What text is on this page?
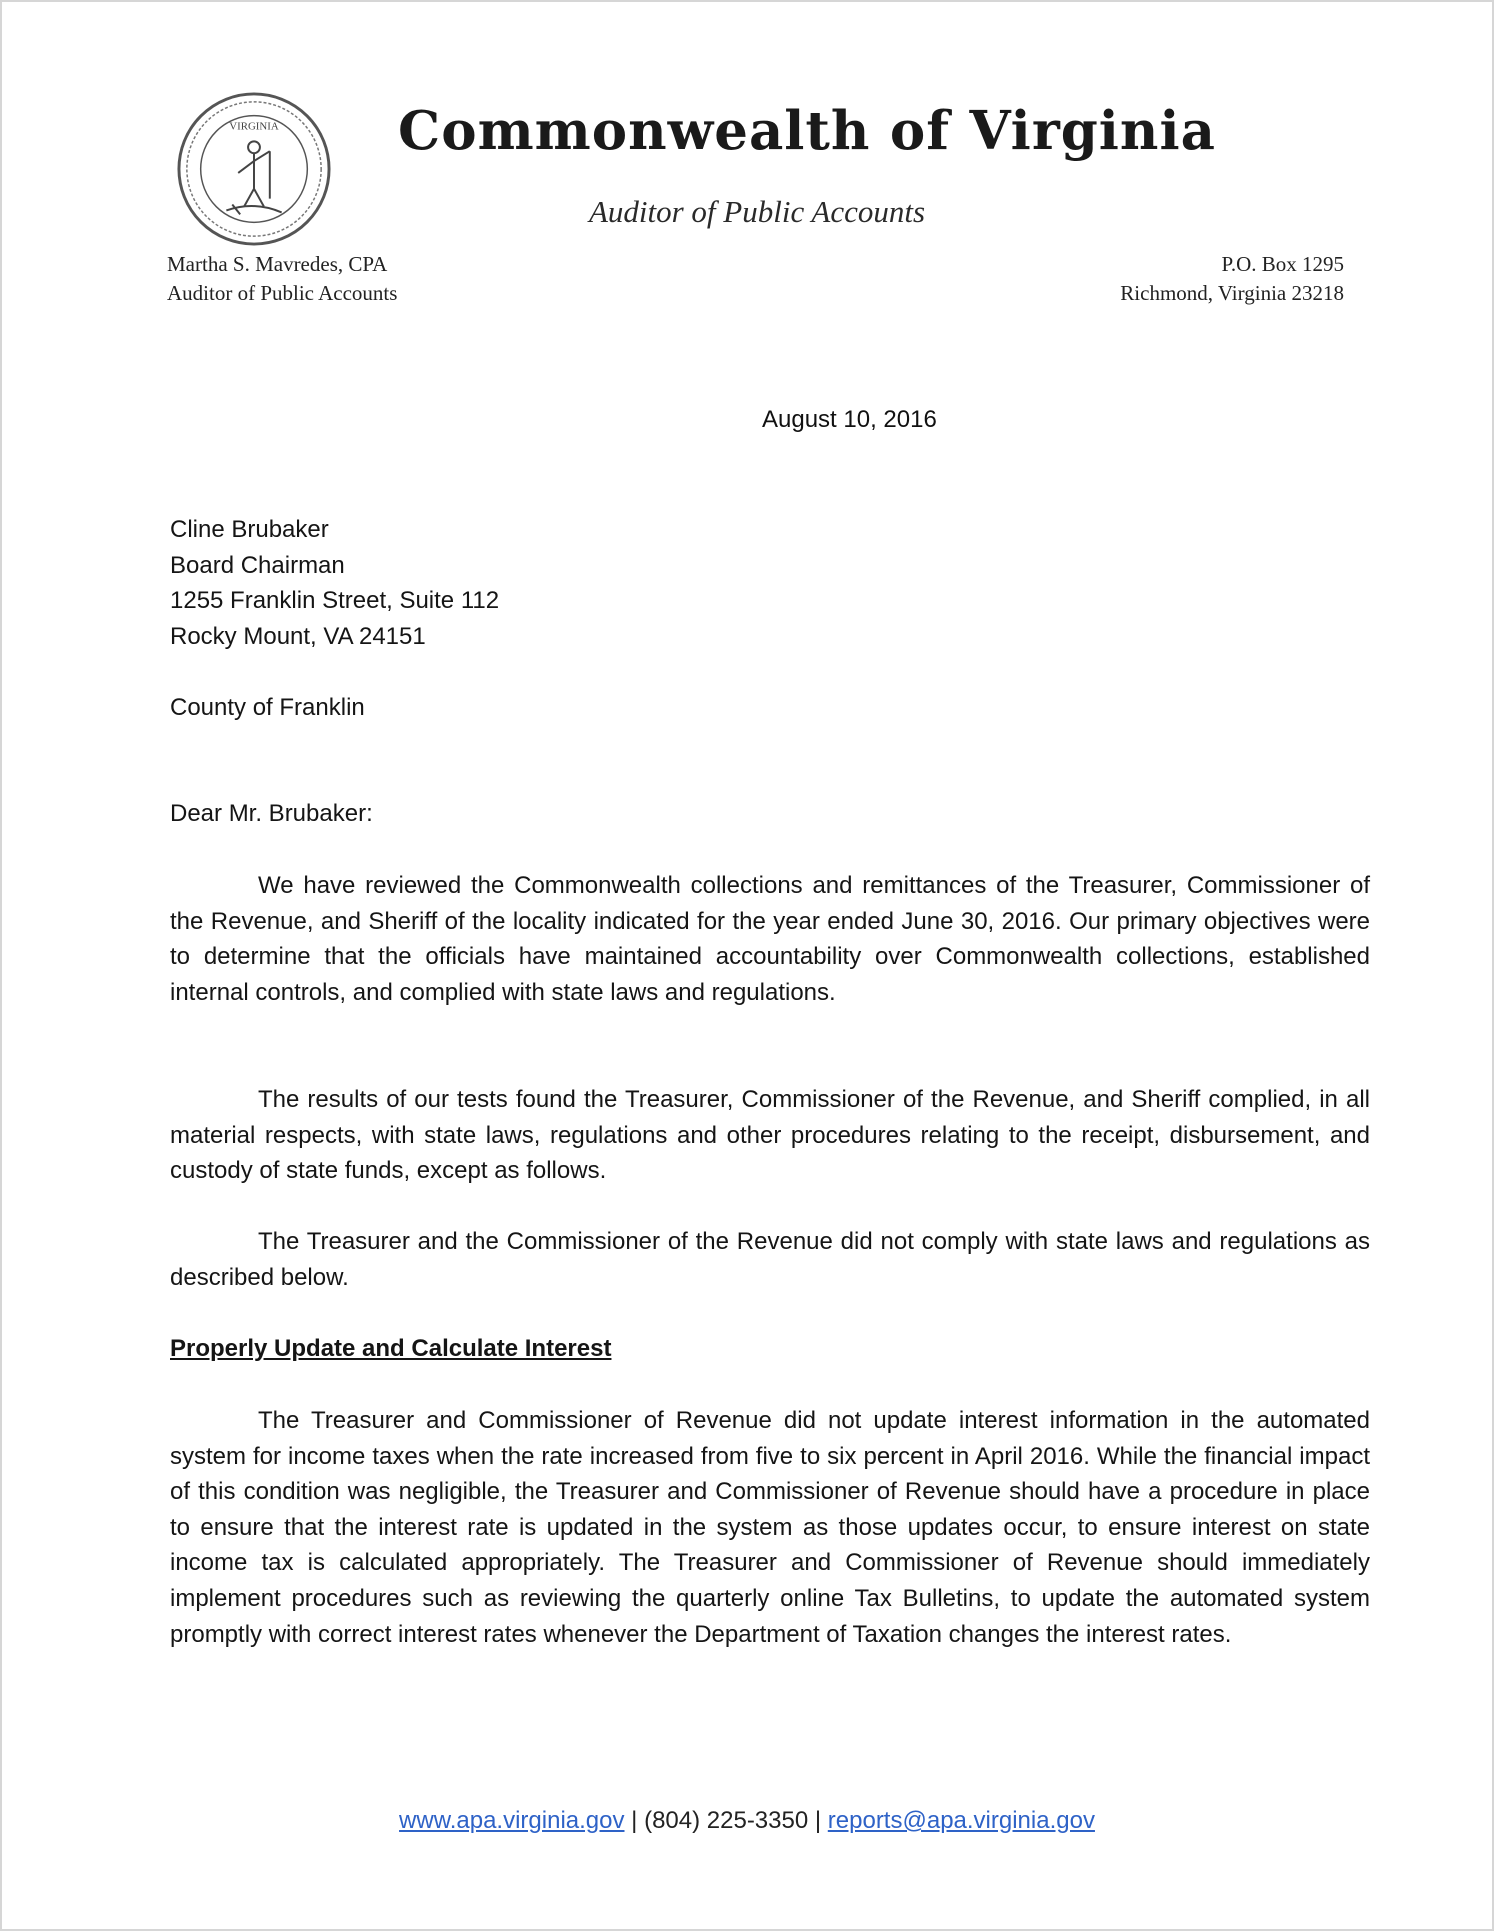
VIRGINIA	Commonwealth of Virginia
Auditor of Public Accounts
Martha S. Mavredes, CPA
Auditor of Public Accounts
P.O. Box 1295
Richmond, Virginia 23218
August 10, 2016
Cline Brubaker
Board Chairman
1255 Franklin Street, Suite 112
Rocky Mount, VA 24151
County of Franklin
Dear Mr. Brubaker:

We have reviewed the Commonwealth collections and remittances of the Treasurer, Commissioner of the Revenue, and Sheriff of the locality indicated for the year ended June 30, 2016. Our primary objectives were to determine that the officials have maintained accountability over Commonwealth collections, established internal controls, and complied with state laws and regulations.

The results of our tests found the Treasurer, Commissioner of the Revenue, and Sheriff complied, in all material respects, with state laws, regulations and other procedures relating to the receipt, disbursement, and custody of state funds, except as follows.

The Treasurer and the Commissioner of the Revenue did not comply with state laws and regulations as described below.

Properly Update and Calculate Interest

The Treasurer and Commissioner of Revenue did not update interest information in the automated system for income taxes when the rate increased from five to six percent in April 2016. While the financial impact of this condition was negligible, the Treasurer and Commissioner of Revenue should have a procedure in place to ensure that the interest rate is updated in the system as those updates occur, to ensure interest on state income tax is calculated appropriately. The Treasurer and Commissioner of Revenue should immediately implement procedures such as reviewing the quarterly online Tax Bulletins, to update the automated system promptly with correct interest rates whenever the Department of Taxation changes the interest rates.

www.apa.virginia.gov | (804) 225-3350 | reports@apa.virginia.gov
